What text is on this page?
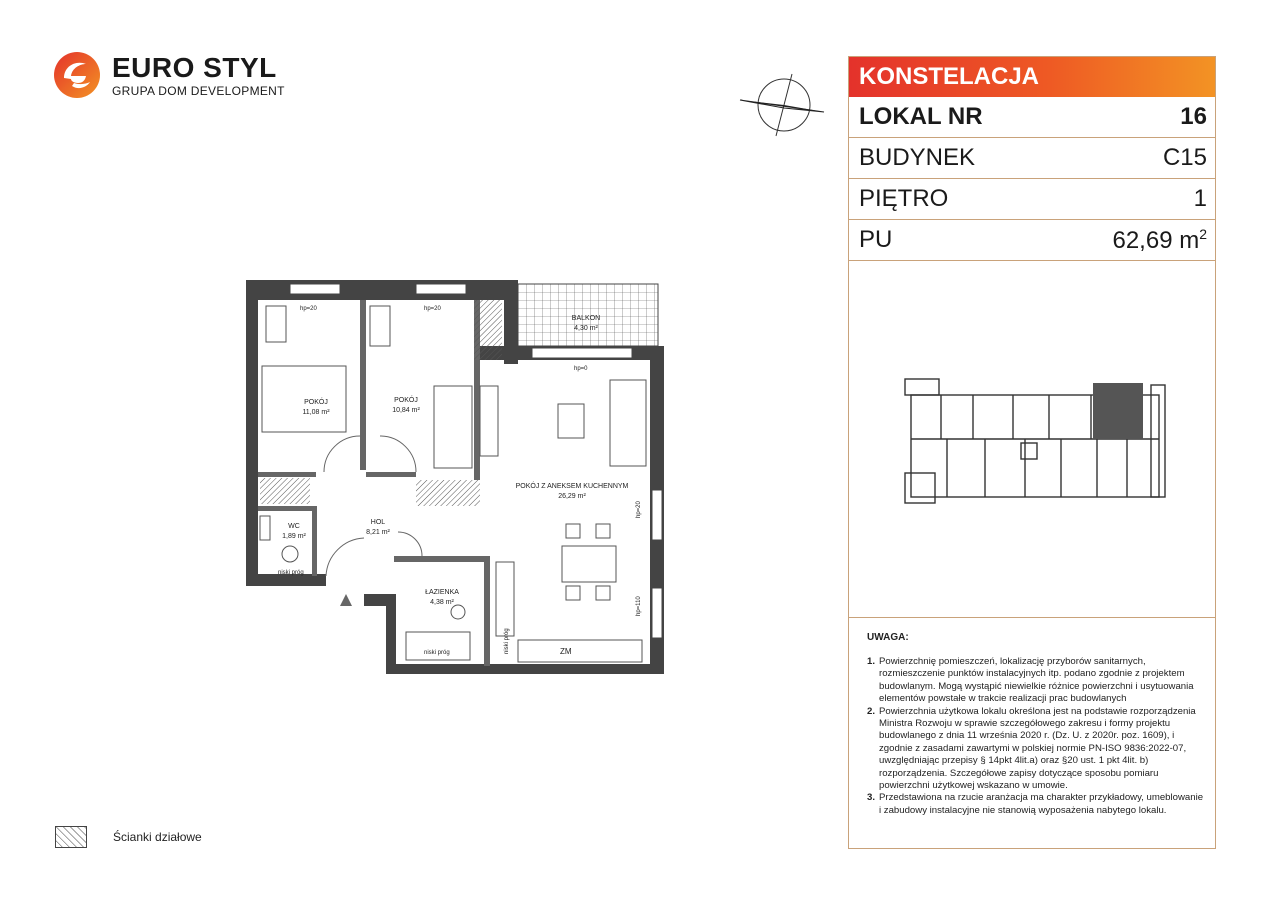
EURO STYL
GRUPA DOM DEVELOPMENT
POKÓJ
11,08 m²
POKÓJ
10,84 m²
POKÓJ Z ANEKSEM KUCHENNYM
26,29 m²
BALKON
4,30 m²
WC
1,89 m²
HOL
8,21 m²
ŁAZIENKA
4,38 m²
hp=20	hp=20
hp=0
hp=20
hp=110
niski próg
niski próg	niski próg	ZM
KONSTELACJA
LOKAL NR	16
BUDYNEK	C15
PIĘTRO	1
PU	62,69 $m^2$
UWAGA:
1. Powierzchnię pomieszczeń, lokalizację przyborów sanitarnych, rozmieszczenie punktów instalacyjnych itp. podano zgodnie z projektem budowlanym. Mogą wystąpić niewielkie różnice powierzchni i usytuowania elementów powstałe w trakcie realizacji prac budowlanych
2. Powierzchnia użytkowa lokalu określona jest na podstawie rozporządzenia Ministra Rozwoju w sprawie szczegółowego zakresu i formy projektu budowlanego z dnia 11 września 2020 r. (Dz. U. z 2020r. poz. 1609), i zgodnie z zasadami zawartymi w polskiej normie PN-ISO 9836:2022-07, uwzględniając przepisy § 14pkt 4lit.a) oraz §20 ust. 1 pkt 4lit. b) rozporządzenia. Szczegółowe zapisy dotyczące sposobu pomiaru powierzchni użytkowej wskazano w umowie.
3. Przedstawiona na rzucie aranżacja ma charakter przykładowy, umeblowanie i zabudowy instalacyjne nie stanowią wyposażenia nabytego lokalu.
Ścianki działowe
